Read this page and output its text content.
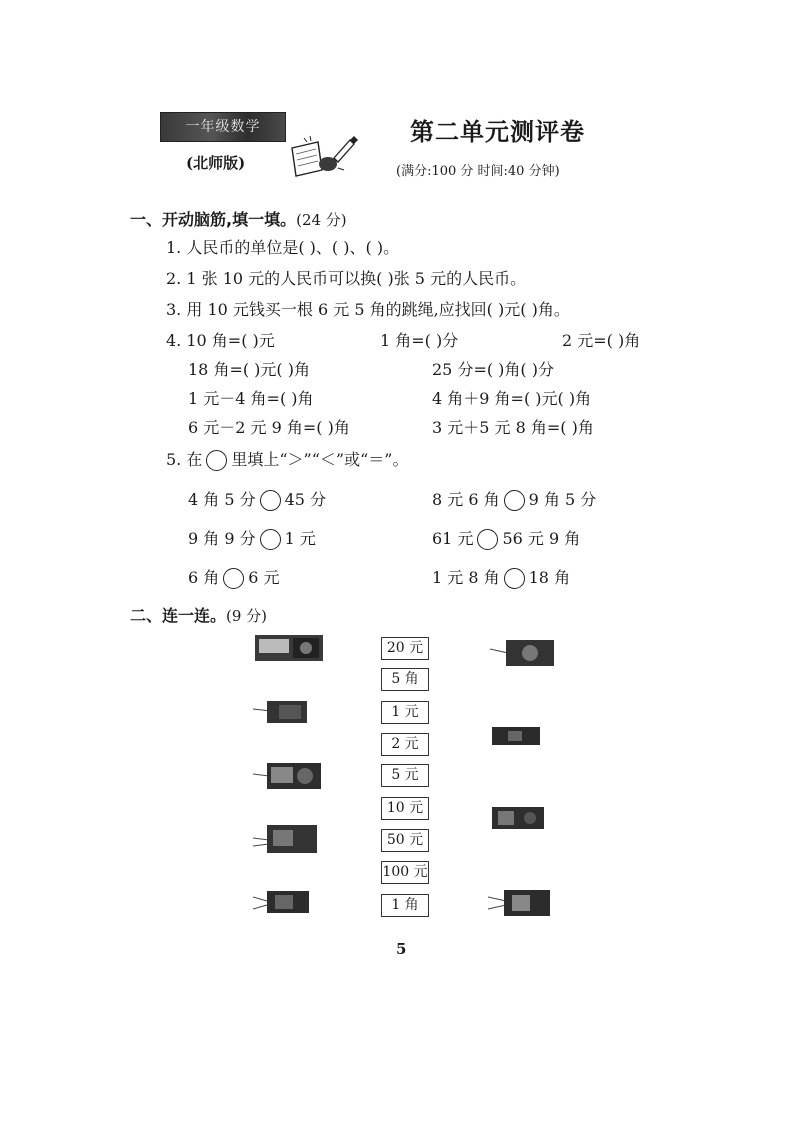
一年级数学
(北师版)
第二单元测评卷
(满分:100 分 时间:40 分钟)
一、开动脑筋,填一填。(24 分)
1. 人民币的单位是( )、( )、( )。
2. 1 张 10 元的人民币可以换( )张 5 元的人民币。
3. 用 10 元钱买一根 6 元 5 角的跳绳,应找回( )元( )角。
4. 10 角=( )元	1 角=( )分	2 元=( )角
18 角=( )元( )角	25 分=( )角( )分
1 元－4 角=( )角	4 角＋9 角=( )元( )角
6 元－2 元 9 角=( )角	3 元＋5 元 8 角=( )角
5. 在 里填上“＞”“＜”或“＝”。
4 角 5 分 45 分	8 元 6 角 9 角 5 分
9 角 9 分 1 元	61 元 56 元 9 角
6 角 6 元	1 元 8 角 18 角
二、连一连。(9 分)
20 元
5 角
1 元
2 元
5 元
10 元
50 元
100 元
1 角
5
